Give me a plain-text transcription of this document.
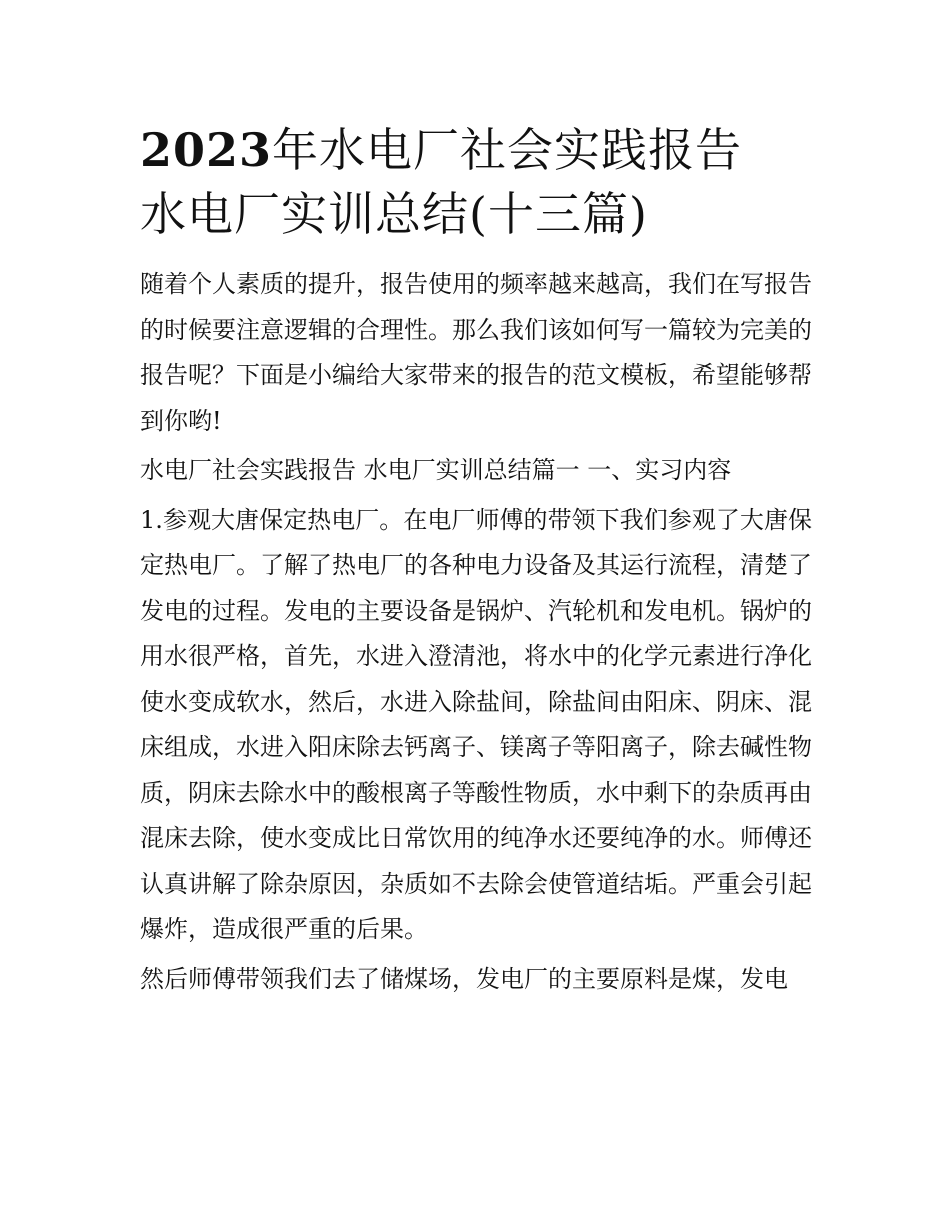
2023年水电厂社会实践报告
水电厂实训总结(十三篇)

随着个人素质的提升，报告使用的频率越来越高，我们在写报告的时候要注意逻辑的合理性。那么我们该如何写一篇较为完美的报告呢？下面是小编给大家带来的报告的范文模板，希望能够帮到你哟!

水电厂社会实践报告 水电厂实训总结篇一 一、实习内容

1.参观大唐保定热电厂。在电厂师傅的带领下我们参观了大唐保定热电厂。了解了热电厂的各种电力设备及其运行流程，清楚了发电的过程。发电的主要设备是锅炉、汽轮机和发电机。锅炉的用水很严格，首先，水进入澄清池，将水中的化学元素进行净化使水变成软水，然后，水进入除盐间，除盐间由阳床、阴床、混床组成，水进入阳床除去钙离子、镁离子等阳离子，除去碱性物质，阴床去除水中的酸根离子等酸性物质，水中剩下的杂质再由混床去除，使水变成比日常饮用的纯净水还要纯净的水。师傅还认真讲解了除杂原因，杂质如不去除会使管道结垢。严重会引起爆炸，造成很严重的后果。

然后师傅带领我们去了储煤场，发电厂的主要原料是煤，发电
